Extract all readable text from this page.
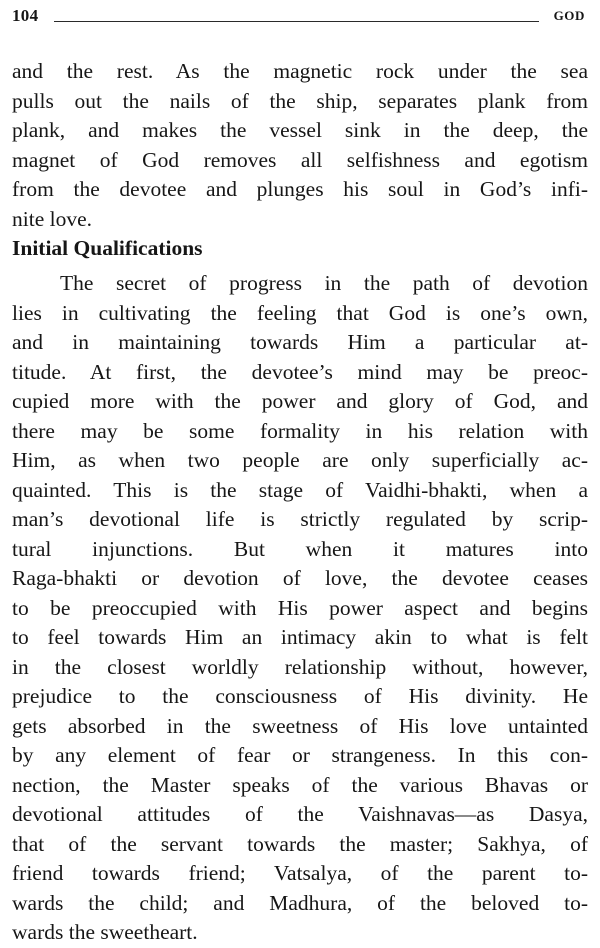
104	GOD
and the rest. As the magnetic rock under the sea
pulls out the nails of the ship, separates plank from
plank, and makes the vessel sink in the deep, the
magnet of God removes all selfishness and egotism
from the devotee and plunges his soul in God’s infi-
nite love.
Initial Qualifications
The secret of progress in the path of devotion
lies in cultivating the feeling that God is one’s own,
and in maintaining towards Him a particular at-
titude. At first, the devotee’s mind may be preoc-
cupied more with the power and glory of God, and
there may be some formality in his relation with
Him, as when two people are only superficially ac-
quainted. This is the stage of Vaidhi-bhakti, when a
man’s devotional life is strictly regulated by scrip-
tural injunctions. But when it matures into
Raga-bhakti or devotion of love, the devotee ceases
to be preoccupied with His power aspect and begins
to feel towards Him an intimacy akin to what is felt
in the closest worldly relationship without, however,
prejudice to the consciousness of His divinity. He
gets absorbed in the sweetness of His love untainted
by any element of fear or strangeness. In this con-
nection, the Master speaks of the various Bhavas or
devotional attitudes of the Vaishnavas—as Dasya,
that of the servant towards the master; Sakhya, of
friend towards friend; Vatsalya, of the parent to-
wards the child; and Madhura, of the beloved to-
wards the sweetheart.
